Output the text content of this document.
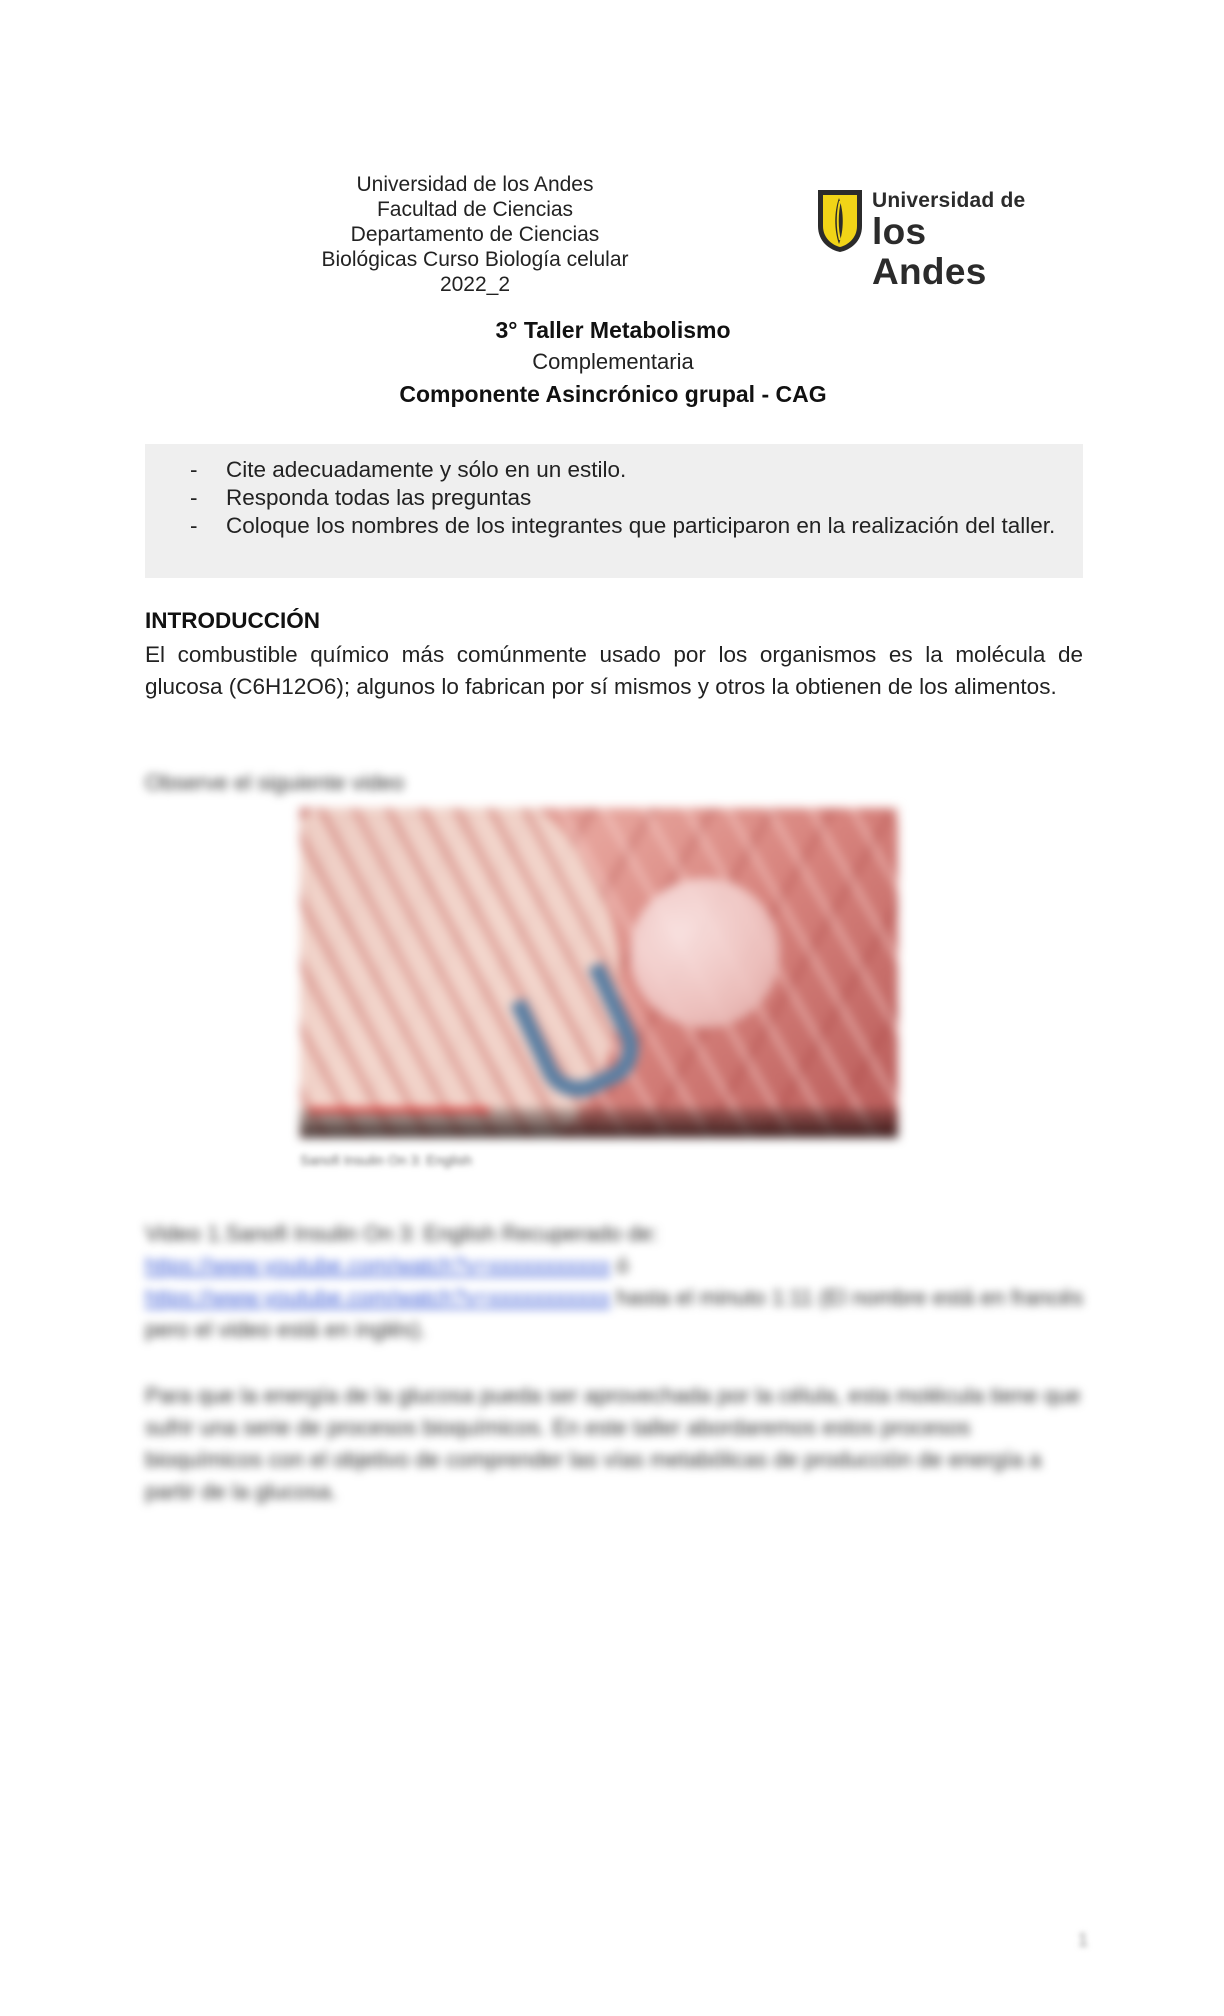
Universidad de los Andes
Facultad de Ciencias
Departamento de Ciencias
Biológicas Curso Biología celular
2022_2
Universidad de
los Andes
3° Taller Metabolismo
Complementaria
Componente Asincrónico grupal - CAG
- Cite adecuadamente y sólo en un estilo.
- Responda todas las preguntas
- Coloque los nombres de los integrantes que participaron en la realización del taller.
INTRODUCCIÓN
El combustible químico más comúnmente usado por los organismos es la molécula de glucosa (C6H12O6); algunos lo fabrican por sí mismos y otros la obtienen de los alimentos.
Observe el siguiente video
Sanofi Insulin On 3: English
Video 1.Sanofi Insulin On 3: English Recuperado de:
https://www.youtube.com/watch?v=xxxxxxxxxxx ó
https://www.youtube.com/watch?v=xxxxxxxxxxx hasta el minuto 1:11 (El nombre está en francés pero el video está en inglés).
Para que la energía de la glucosa pueda ser aprovechada por la célula, esta molécula tiene que sufrir una serie de procesos bioquímicos. En este taller abordaremos estos procesos bioquímicos con el objetivo de comprender las vías metabólicas de producción de energía a partir de la glucosa.
1
